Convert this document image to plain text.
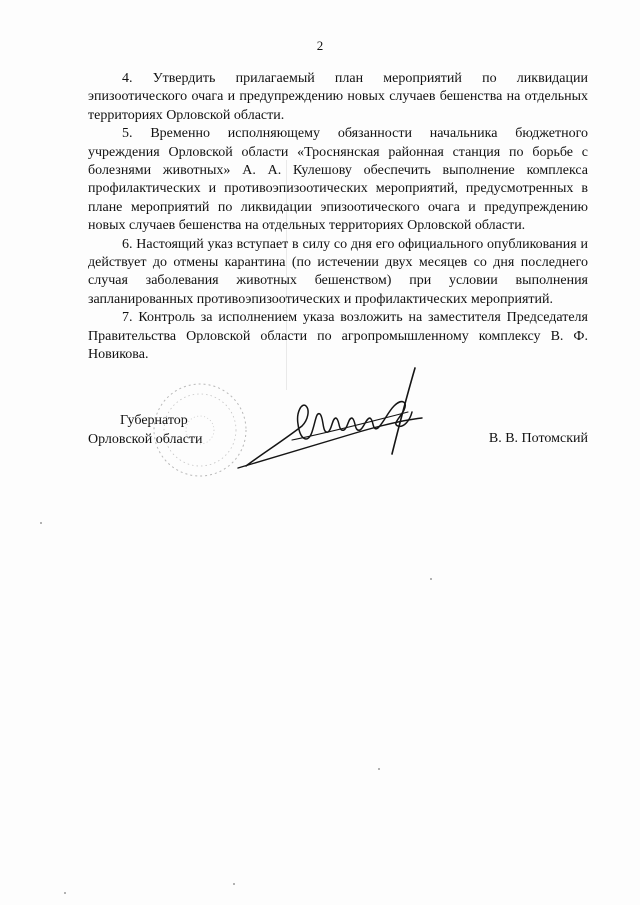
2

4. Утвердить прилагаемый план мероприятий по ликвидации эпизоотического очага и предупреждению новых случаев бешенства на отдельных территориях Орловской области.

5. Временно исполняющему обязанности начальника бюджетного учреждения Орловской области «Троснянская районная станция по борьбе с болезнями животных» А. А. Кулешову обеспечить выполнение комплекса профилактических и противоэпизоотических мероприятий, предусмотренных в плане мероприятий по ликвидации эпизоотического очага и предупреждению новых случаев бешенства на отдельных территориях Орловской области.

6. Настоящий указ вступает в силу со дня его официального опубликования и действует до отмены карантина (по истечении двух месяцев со дня последнего случая заболевания животных бешенством) при условии выполнения запланированных противоэпизоотических и профилактических мероприятий.

7. Контроль за исполнением указа возложить на заместителя Председателя Правительства Орловской области по агропромышленному комплексу В. Ф. Новикова.

Губернатор
Орловской области	В. В. Потомский
